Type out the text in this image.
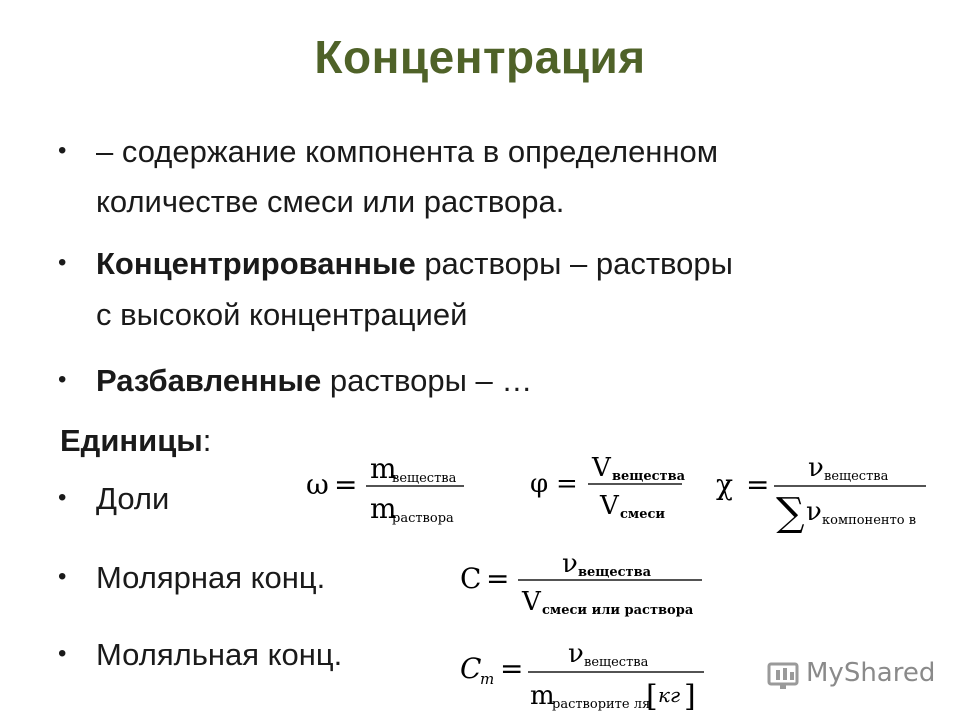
Концентрация
• – содержание компонента в определенном
количестве смеси или раствора.
• Концентрированные растворы – растворы
с высокой концентрацией
• Разбавленные растворы – …
Единицы:
• Доли
• Молярная конц.
• Моляльная конц.
ω = m
вещества
m
раствора
φ =
V вещества
V смеси
χ = ν вещества
∑ ν компоненто в
C = ν вещества
V смеси или раствора
C
m = ν вещества
m
растворите ля
[ кг ]
MyShared
